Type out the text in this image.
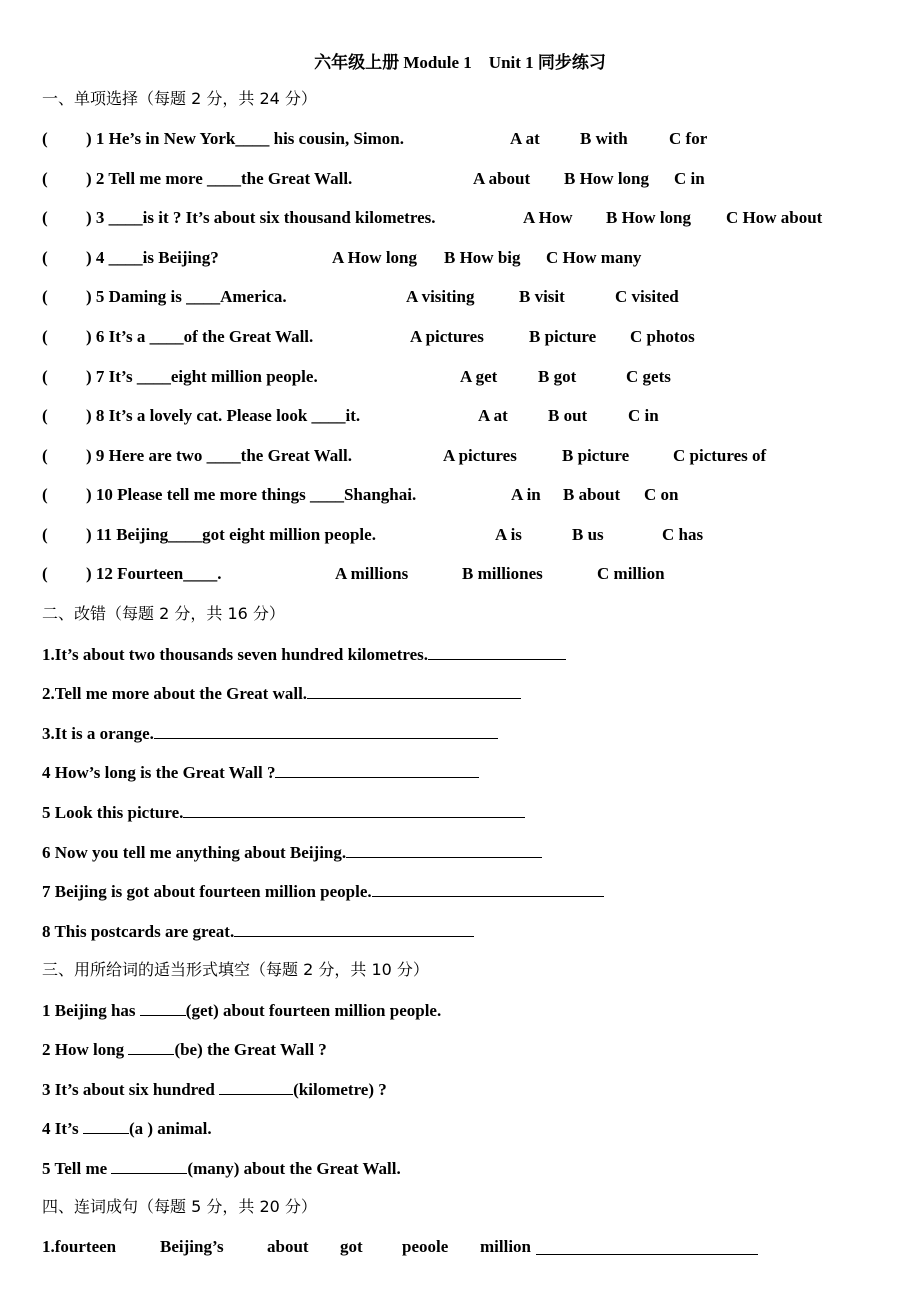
六年级上册 Module 1　Unit 1 同步练习
一、单项选择（每题 2 分，共 24 分）
( ) 1 He’s in New York____ his cousin, Simon.	A at B with C for
( ) 2 Tell me more ____the Great Wall.	A about B How long C in
( ) 3 ____is it ? It’s about six thousand kilometres.	A How B How long C How about
( ) 4 ____is Beijing?	A How long B How big C How many
( ) 5 Daming is ____America.	A visiting	B visit	C visited
( ) 6 It’s a ____of the Great Wall.	A pictures	B picture C photos
( ) 7 It’s ____eight million people.	A get B got	C gets
( ) 8 It’s a lovely cat. Please look ____it.	A at B out C in
( ) 9 Here are two ____the Great Wall.	A pictures	B picture	C pictures of
( ) 10 Please tell me more things ____Shanghai.	A in B about C on
( ) 11 Beijing____got eight million people.	A is	B us	C has
( ) 12 Fourteen____.	A millions	B milliones	C million
二、改错（每题 2 分，共 16 分）
1.It’s about two thousands seven hundred kilometres.
2.Tell me more about the Great wall.
3.It is a orange.
4 How’s long is the Great Wall ?
5 Look this picture.
6 Now you tell me anything about Beijing.
7 Beijing is got about fourteen million people.
8 This postcards are great.
三、用所给词的适当形式填空（每题 2 分，共 10 分）
1 Beijing has	(get) about fourteen million people.
2 How long	(be) the Great Wall ?
3 It’s about six hundred	(kilometre) ?
4 It’s	(a ) animal.
5 Tell me	(many) about the Great Wall.
四、连词成句（每题 5 分，共 20 分）
1.fourteen	Beijing’s	about got peoole million
